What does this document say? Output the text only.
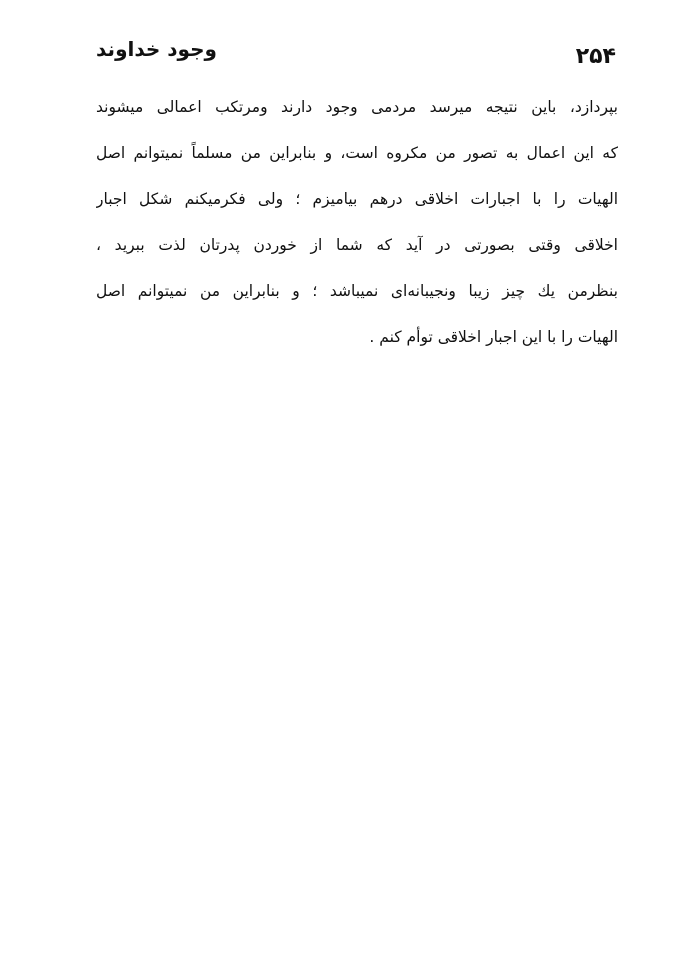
۲۵۴
وجود خداوند
بپردازد، باین نتیجه میرسد مردمی وجود دارند ومرتکب اعمالی میشوند
که این اعمال به تصور من مکروه است، و بنابراین من مسلماً نمیتوانم اصل
الهیات را با اجبارات اخلاقی درهم بیامیزم ؛ ولی فکرمیکنم شکل اجبار
اخلاقی وقتی بصورتی در آید که شما از خوردن پدرتان لذت ببرید ،
بنظرمن یك چیز زیبا ونجیبانه‌ای نمیباشد ؛ و بنابراین من نمیتوانم اصل
الهیات را با این اجبار اخلاقی توأم کنم .
